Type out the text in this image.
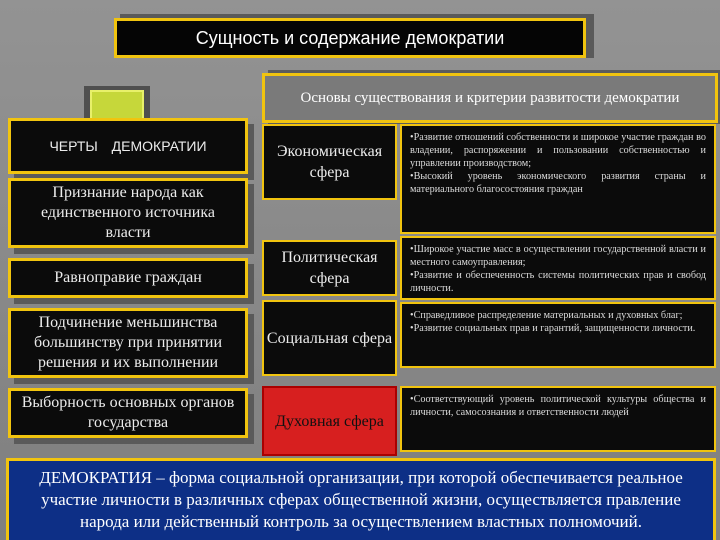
Сущность и содержание демократии
Основы существования и критерии развитости демократии
ЧЕРТЫ ДЕМОКРАТИИ
Признание народа как единственного источника власти
Равноправие граждан
Подчинение меньшинства большинству при принятии решения и их выполнении
Выборность основных органов государства
Экономическая сфера

•Развитие отношений собственности и широкое участие граждан во владении, распоряжении и пользовании собственностью и управлении производством;

•Высокий уровень экономического развития страны и материального благосостояния граждан

Политическая сфера

•Широкое участие масс в осуществлении государственной власти и местного самоуправления;

•Развитие и обеспеченность системы политических прав и свобод личности.

Социальная сфера

•Справедливое распределение материальных и духовных благ;

•Развитие социальных прав и гарантий, защищенности личности.

Духовная сфера

•Соответствующий уровень политической культуры общества и личности, самосознания и ответственности людей

ДЕМОКРАТИЯ – форма социальной организации, при которой обеспечивается реальное участие личности в различных сферах общественной жизни, осуществляется правление народа или действенный контроль за осуществлением властных полномочий.
